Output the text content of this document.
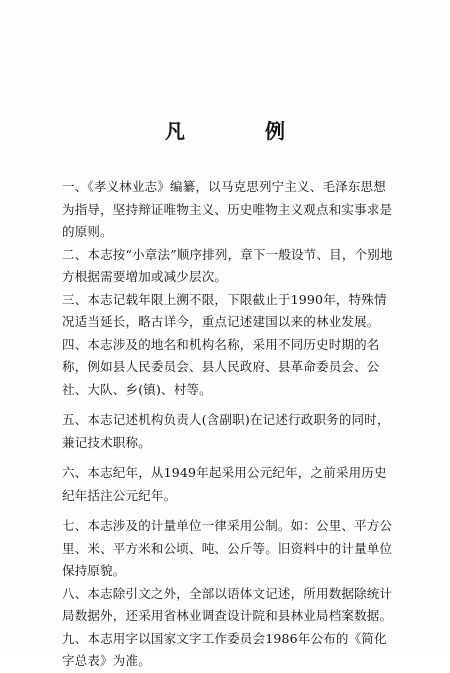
凡　例

一、《孝义林业志》编纂，以马克思列宁主义、毛泽东思想为指导，坚持辩证唯物主义、历史唯物主义观点和实事求是的原则。

二、本志按“小章法”顺序排列，章下一般设节、目，个别地方根据需要增加或减少层次。

三、本志记载年限上溯不限，下限截止于1990年，特殊情况适当延长，略古详今，重点记述建国以来的林业发展。

四、本志涉及的地名和机构名称，采用不同历史时期的名称，例如县人民委员会、县人民政府、县革命委员会、公社、大队、乡(镇)、村等。

五、本志记述机构负责人(含副职)在记述行政职务的同时，兼记技术职称。

六、本志纪年，从1949年起采用公元纪年，之前采用历史纪年括注公元纪年。

七、本志涉及的计量单位一律采用公制。如：公里、平方公里、米、平方米和公顷、吨、公斤等。旧资料中的计量单位保持原貌。

八、本志除引文之外，全部以语体文记述，所用数据除统计局数据外，还采用省林业调查设计院和县林业局档案数据。

九、本志用字以国家文字工作委员会1986年公布的《简化字总表》为准。
